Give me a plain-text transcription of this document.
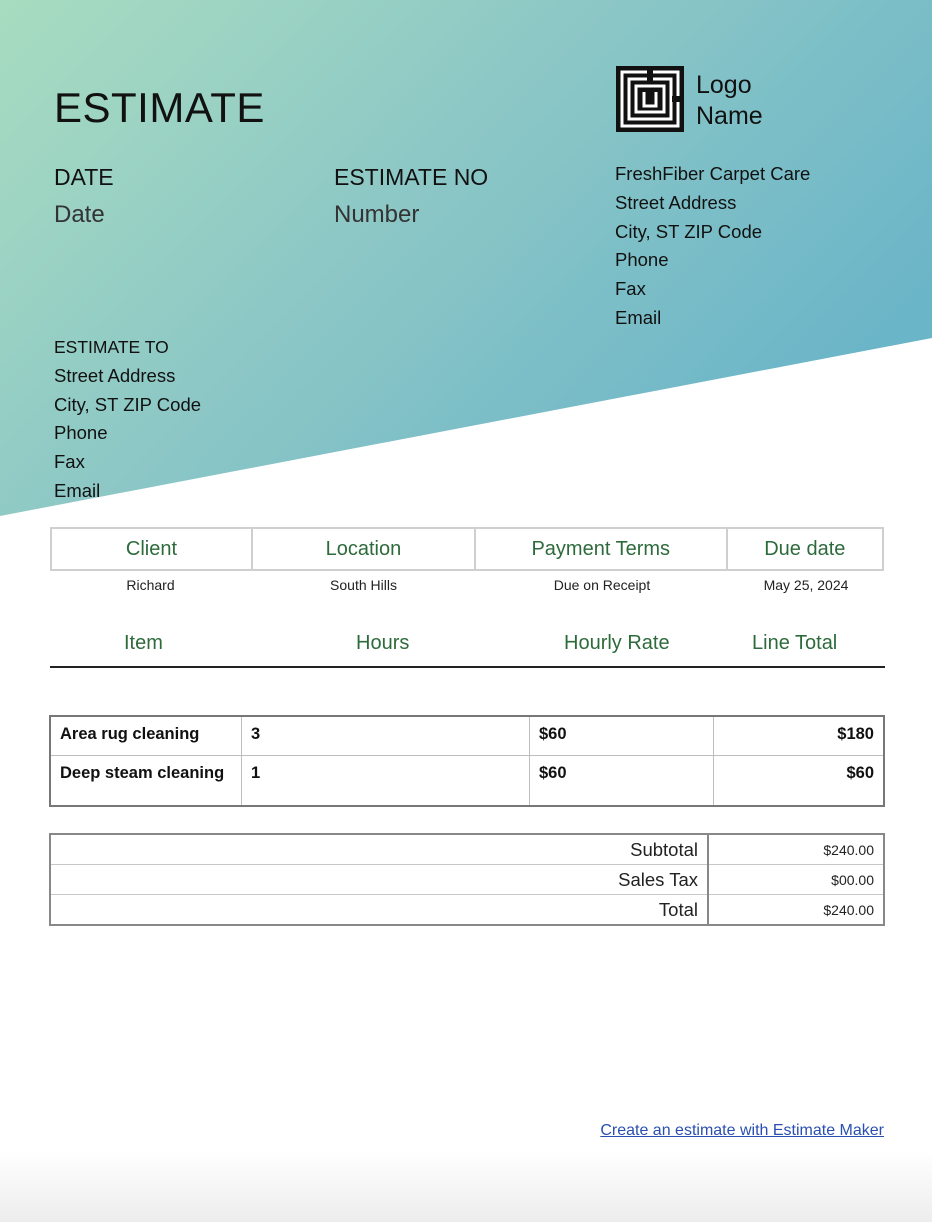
ESTIMATE
DATE
Date
ESTIMATE NO
Number
Logo
Name
FreshFiber Carpet Care
Street Address
City, ST ZIP Code
Phone
Fax
Email
ESTIMATE TO
Street Address
City, ST ZIP Code
Phone
Fax
Email
Client	Location	Payment Terms	Due date
Richard	South Hills	Due on Receipt	May 25, 2024
Item	Hours	Hourly Rate	Line Total
Area rug cleaning	3	$60	$180
Deep steam cleaning	1	$60	$60
Subtotal	$240.00
Sales Tax	$00.00
Total	$240.00
Create an estimate with Estimate Maker
